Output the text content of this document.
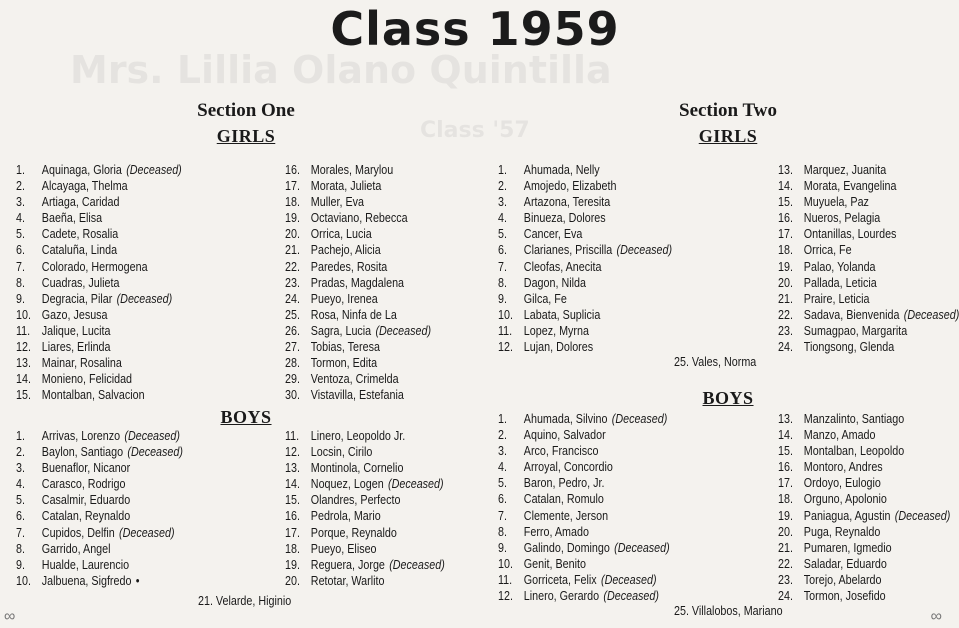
Mrs. Lillia Olano Quintilla
Class '57
Class 1959
Section One
GIRLS
1.	Aquinaga, Gloria (Deceased)
2.	Alcayaga, Thelma
3.	Artiaga, Caridad
4.	Baeña, Elisa
5.	Cadete, Rosalia
6.	Cataluña, Linda
7.	Colorado, Hermogena
8.	Cuadras, Julieta
9.	Degracia, Pilar (Deceased)
10. Gazo, Jesusa
11. Jalique, Lucita
12. Liares, Erlinda
13. Mainar, Rosalina
14. Monieno, Felicidad
15. Montalban, Salvacion
16. Morales, Marylou
17. Morata, Julieta
18. Muller, Eva
19. Octaviano, Rebecca
20. Orrica, Lucia
21. Pachejo, Alicia
22. Paredes, Rosita
23. Pradas, Magdalena
24. Pueyo, Irenea
25. Rosa, Ninfa de La
26. Sagra, Lucia (Deceased)
27. Tobias, Teresa
28. Tormon, Edita
29. Ventoza, Crimelda
30. Vistavilla, Estefania
BOYS
1.	Arrivas, Lorenzo (Deceased)
2.	Baylon, Santiago (Deceased)
3.	Buenaflor, Nicanor
4.	Carasco, Rodrigo
5.	Casalmir, Eduardo
6.	Catalan, Reynaldo
7.	Cupidos, Delfin (Deceased)
8.	Garrido, Angel
9.	Hualde, Laurencio
10. Jalbuena, Sigfredo •
11. Linero, Leopoldo Jr.
12. Locsin, Cirilo
13. Montinola, Cornelio
14. Noquez, Logen (Deceased)
15. Olandres, Perfecto
16. Pedrola, Mario
17. Porque, Reynaldo
18. Pueyo, Eliseo
19. Reguera, Jorge (Deceased)
20. Retotar, Warlito
21. Velarde, Higinio
Section Two
GIRLS
1.	Ahumada, Nelly
2.	Amojedo, Elizabeth
3.	Artazona, Teresita
4.	Binueza, Dolores
5.	Cancer, Eva
6.	Clarianes, Priscilla (Deceased)
7.	Cleofas, Anecita
8.	Dagon, Nilda
9.	Gilca, Fe
10. Labata, Suplicia
11. Lopez, Myrna
12. Lujan, Dolores
13. Marquez, Juanita
14. Morata, Evangelina
15. Muyuela, Paz
16. Nueros, Pelagia
17. Ontanillas, Lourdes
18. Orrica, Fe
19. Palao, Yolanda
20. Pallada, Leticia
21. Praire, Leticia
22. Sadava, Bienvenida (Deceased)
23. Sumagpao, Margarita
24. Tiongsong, Glenda
25. Vales, Norma
BOYS
1.	Ahumada, Silvino (Deceased)
2.	Aquino, Salvador
3.	Arco, Francisco
4.	Arroyal, Concordio
5.	Baron, Pedro, Jr.
6.	Catalan, Romulo
7.	Clemente, Jerson
8.	Ferro, Amado
9.	Galindo, Domingo (Deceased)
10. Genit, Benito
11. Gorriceta, Felix (Deceased)
12. Linero, Gerardo (Deceased)
13. Manzalinto, Santiago
14. Manzo, Amado
15. Montalban, Leopoldo
16. Montoro, Andres
17. Ordoyo, Eulogio
18. Orguno, Apolonio
19. Paniagua, Agustin (Deceased)
20. Puga, Reynaldo
21. Pumaren, Igmedio
22. Saladar, Eduardo
23. Torejo, Abelardo
24. Tormon, Josefido
25. Villalobos, Mariano
∞	∞
